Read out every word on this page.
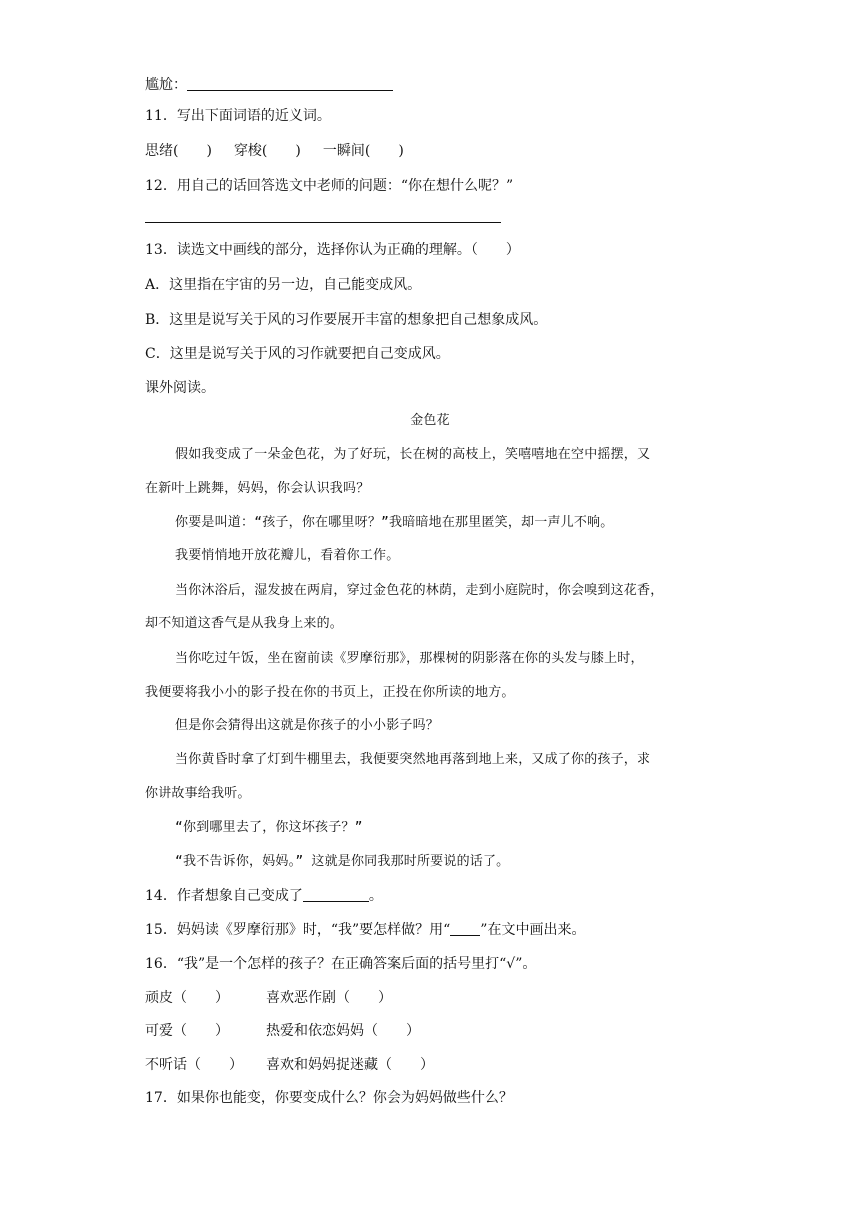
尴尬：
11．写出下面词语的近义词。
思绪(　　) 穿梭(　　) 一瞬间(　　)
12．用自己的话回答选文中老师的问题：“你在想什么呢？”
13．读选文中画线的部分，选择你认为正确的理解。（　　）
A．这里指在宇宙的另一边，自己能变成风。
B．这里是说写关于风的习作要展开丰富的想象把自己想象成风。
C．这里是说写关于风的习作就要把自己变成风。
课外阅读。
金色花
假如我变成了一朵金色花，为了好玩，长在树的高枝上，笑嘻嘻地在空中摇摆，又
在新叶上跳舞，妈妈，你会认识我吗？
你要是叫道：“孩子，你在哪里呀？”我暗暗地在那里匿笑，却一声儿不响。
我要悄悄地开放花瓣儿，看着你工作。
当你沐浴后，湿发披在两肩，穿过金色花的林荫，走到小庭院时，你会嗅到这花香，
却不知道这香气是从我身上来的。
当你吃过午饭，坐在窗前读《罗摩衍那》，那棵树的阴影落在你的头发与膝上时，
我便要将我小小的影子投在你的书页上，正投在你所读的地方。
但是你会猜得出这就是你孩子的小小影子吗？
当你黄昏时拿了灯到牛棚里去，我便要突然地再落到地上来，又成了你的孩子，求
你讲故事给我听。
“你到哪里去了，你这坏孩子？”
“我不告诉你，妈妈。” 这就是你同我那时所要说的话了。
14．作者想象自己变成了	。
15．妈妈读《罗摩衍那》时，“我”要怎样做？用“ ”在文中画出来。
16．“我”是一个怎样的孩子？在正确答案后面的括号里打“√”。
顽皮（　　）	喜欢恶作剧（　　）
可爱（　　）	热爱和依恋妈妈（　　）
不听话（　　） 喜欢和妈妈捉迷藏（　　）
17．如果你也能变，你要变成什么？你会为妈妈做些什么？
